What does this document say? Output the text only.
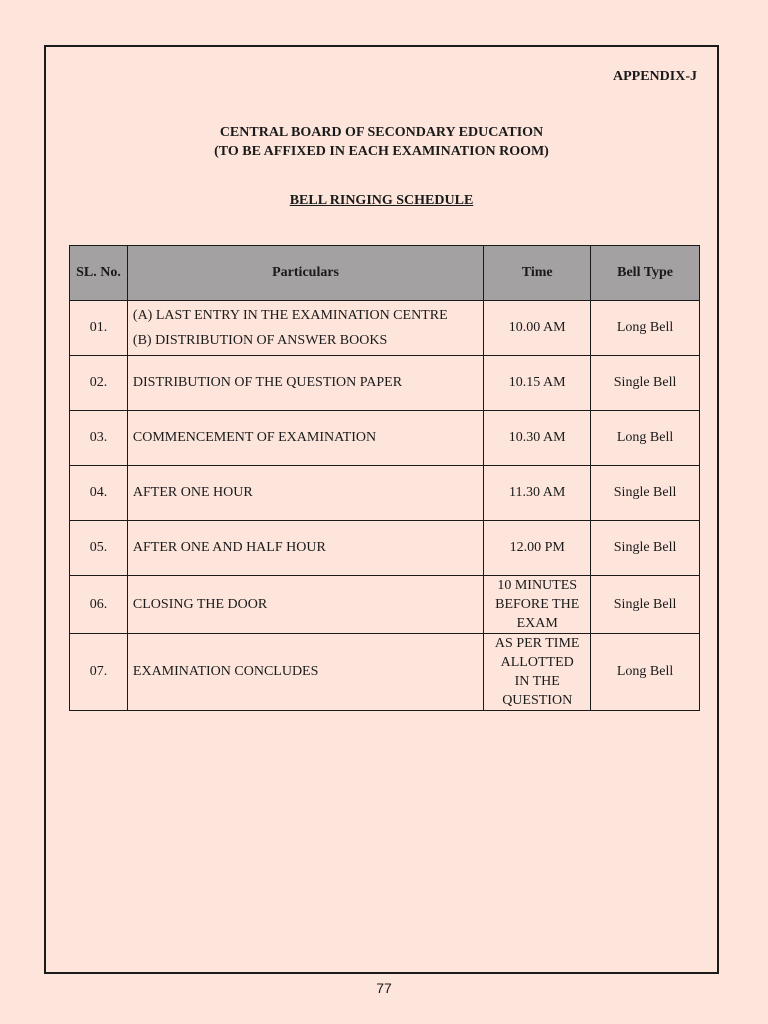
APPENDIX-J
CENTRAL BOARD OF SECONDARY EDUCATION
(TO BE AFFIXED IN EACH EXAMINATION ROOM)
BELL RINGING SCHEDULE
SL. No.	Particulars	Time	Bell Type
01.	(A) LAST ENTRY IN THE EXAMINATION CENTRE
(B) DISTRIBUTION OF ANSWER BOOKS	10.00 AM	Long Bell
02.	DISTRIBUTION OF THE QUESTION PAPER	10.15 AM	Single Bell
03.	COMMENCEMENT OF EXAMINATION	10.30 AM	Long Bell
04.	AFTER ONE HOUR	11.30 AM	Single Bell
05.	AFTER ONE AND HALF HOUR	12.00 PM	Single Bell
06.	CLOSING THE DOOR	10 MINUTES
BEFORE THE
EXAM	Single Bell
07.	EXAMINATION CONCLUDES	AS PER TIME
ALLOTTED
IN THE
QUESTION	Long Bell
77
